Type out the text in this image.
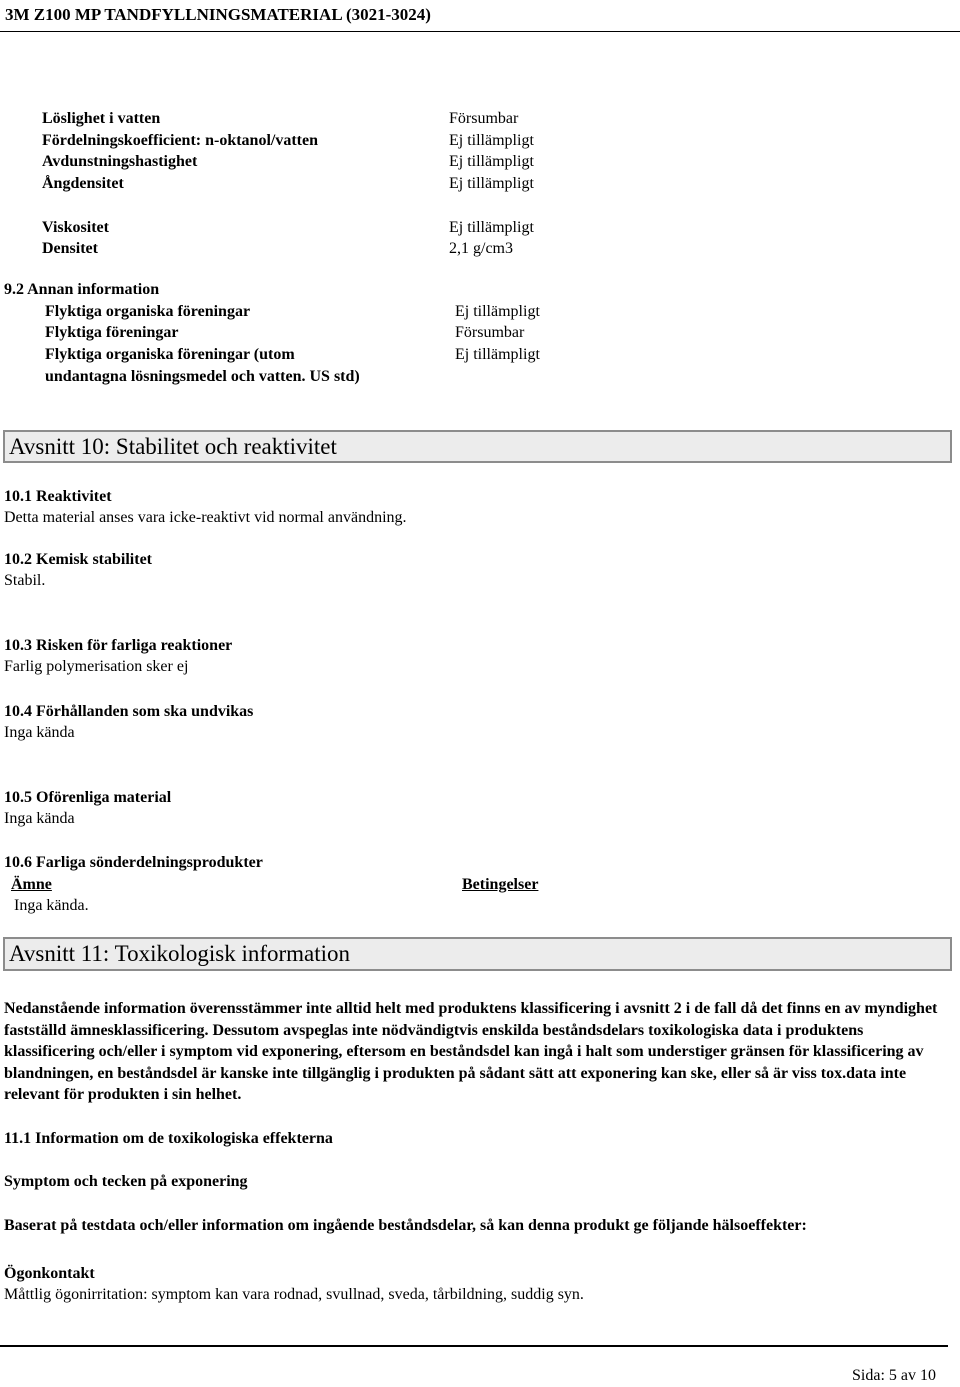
3M Z100 MP TANDFYLLNINGSMATERIAL (3021-3024)
Löslighet i vatten
Fördelningskoefficient: n-oktanol/vatten
Avdunstningshastighet
Ångdensitet
Viskositet
Densitet
Försumbar
Ej tillämpligt
Ej tillämpligt
Ej tillämpligt
Ej tillämpligt
2,1 g/cm3
9.2 Annan information
Flyktiga organiska föreningar
Flyktiga föreningar
Flyktiga organiska föreningar (utom
undantagna lösningsmedel och vatten. US std)
Ej tillämpligt
Försumbar
Ej tillämpligt
Avsnitt 10: Stabilitet och reaktivitet
10.1 Reaktivitet
Detta material anses vara icke-reaktivt vid normal användning.
10.2 Kemisk stabilitet
Stabil.
10.3 Risken för farliga reaktioner
Farlig polymerisation sker ej
10.4 Förhållanden som ska undvikas
Inga kända
10.5 Oförenliga material
Inga kända
10.6 Farliga sönderdelningsprodukter
Ämne	Betingelser
Inga kända.
Avsnitt 11: Toxikologisk information
Nedanstående information överensstämmer inte alltid helt med produktens klassificering i avsnitt 2 i de fall då det finns en av myndighet fastställd ämnesklassificering. Dessutom avspeglas inte nödvändigtvis enskilda beståndsdelars toxikologiska data i produktens klassificering och/eller i symptom vid exponering, eftersom en beståndsdel kan ingå i halt som understiger gränsen för klassificering av blandningen, en beståndsdel är kanske inte tillgänglig i produkten på sådant sätt att exponering kan ske, eller så är viss tox.data inte relevant för produkten i sin helhet.
11.1 Information om de toxikologiska effekterna
Symptom och tecken på exponering
Baserat på testdata och/eller information om ingående beståndsdelar, så kan denna produkt ge följande hälsoeffekter:
Ögonkontakt
Måttlig ögonirritation: symptom kan vara rodnad, svullnad, sveda, tårbildning, suddig syn.
Sida: 5 av 10
